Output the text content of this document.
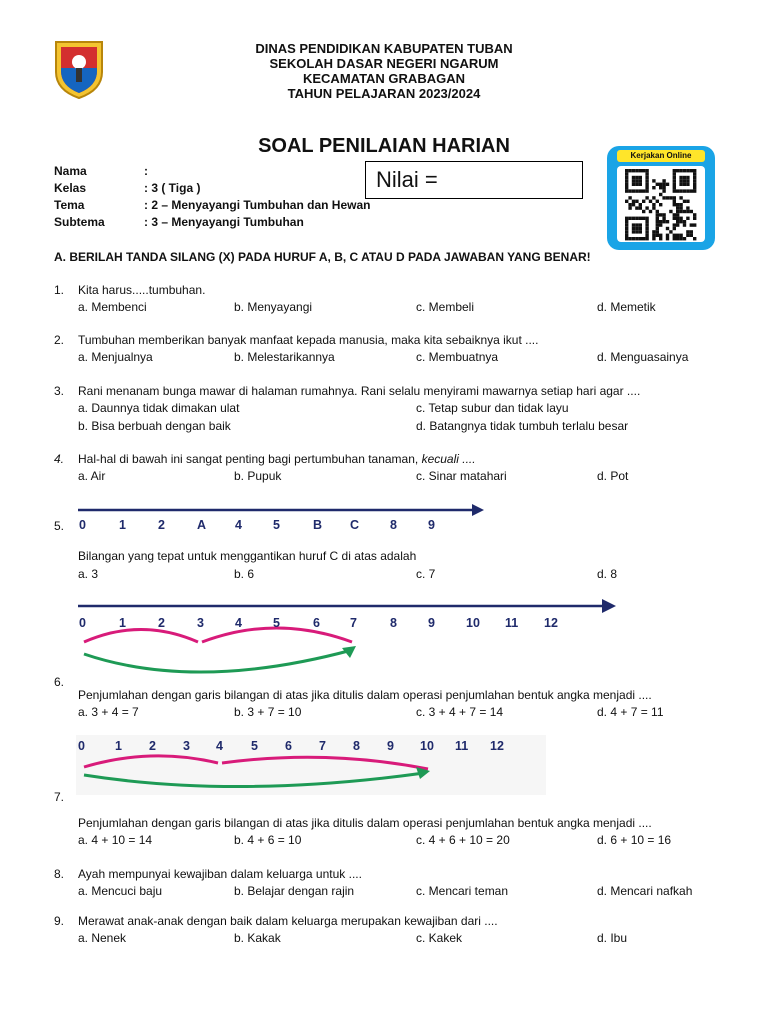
DINAS PENDIDIKAN KABUPATEN TUBAN
SEKOLAH DASAR NEGERI NGARUM
KECAMATAN GRABAGAN
TAHUN PELAJARAN 2023/2024
SOAL PENILAIAN HARIAN
Nama	:
Kelas	: 3 ( Tiga )
Tema	: 2 – Menyayangi Tumbuhan dan Hewan
Subtema	: 3 – Menyayangi Tumbuhan
Nilai =
Kerjakan Online
A. BERILAH TANDA SILANG (X) PADA HURUF A, B, C ATAU D PADA JAWABAN YANG BENAR!
1. Kita harus.....tumbuhan.
a. Membenci	b. Menyayangi	c. Membeli	d. Memetik
2. Tumbuhan memberikan banyak manfaat kepada manusia, maka kita sebaiknya ikut ....
a. Menjualnya	b. Melestarikannya	c. Membuatnya	d. Menguasainya
3. Rani menanam bunga mawar di halaman rumahnya. Rani selalu menyirami mawarnya setiap hari agar ....
a. Daunnya tidak dimakan ulat	c. Tetap subur dan tidak layu
b. Bisa berbuah dengan baik	d. Batangnya tidak tumbuh terlalu besar
4. Hal-hal di bawah ini sangat penting bagi pertumbuhan tanaman, kecuali ....
a. Air	b. Pupuk	c. Sinar matahari	d. Pot
5. 0	1	2	A 4 5	B C 8 9
Bilangan yang tepat untuk menggantikan huruf C di atas adalah
a. 3	b. 6	c. 7	d. 8
0	1	2	3 4 5	6 7	8 9 10 11 12
6.
Penjumlahan dengan garis bilangan di atas jika ditulis dalam operasi penjumlahan bentuk angka menjadi ....
a. 3 + 4 = 7	b. 3 + 7 = 10	c. 3 + 4 + 7 = 14	d. 4 + 7 = 11
0 1 2 3 4 5 6 7 8 9 10 11 12
7.
Penjumlahan dengan garis bilangan di atas jika ditulis dalam operasi penjumlahan bentuk angka menjadi ....
a. 4 + 10 = 14	b. 4 + 6 = 10	c. 4 + 6 + 10 = 20	d. 6 + 10 = 16
8. Ayah mempunyai kewajiban dalam keluarga untuk ....
a. Mencuci baju	b. Belajar dengan rajin	c. Mencari teman	d. Mencari nafkah
9. Merawat anak-anak dengan baik dalam keluarga merupakan kewajiban dari ....
a. Nenek	b. Kakak	c. Kakek	d. Ibu
